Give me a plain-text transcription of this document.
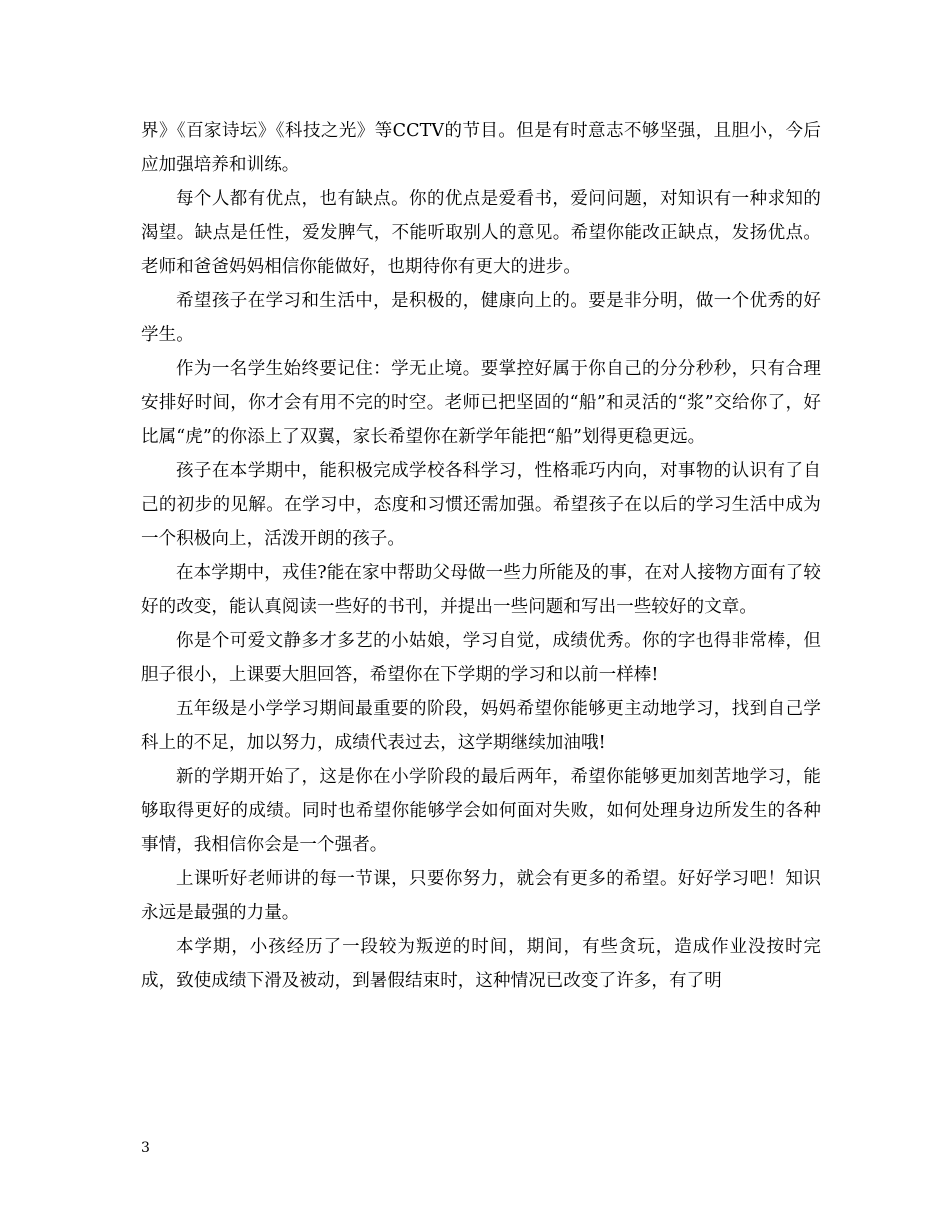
界》《百家诗坛》《科技之光》等CCTV的节目。但是有时意志不够坚强，且胆小，今后应加强培养和训练。

每个人都有优点，也有缺点。你的优点是爱看书，爱问问题，对知识有一种求知的渴望。缺点是任性，爱发脾气，不能听取别人的意见。希望你能改正缺点，发扬优点。老师和爸爸妈妈相信你能做好，也期待你有更大的进步。

希望孩子在学习和生活中，是积极的，健康向上的。要是非分明，做一个优秀的好学生。

作为一名学生始终要记住：学无止境。要掌控好属于你自己的分分秒秒，只有合理安排好时间，你才会有用不完的时空。老师已把坚固的“船”和灵活的“浆”交给你了，好比属“虎”的你添上了双翼，家长希望你在新学年能把“船”划得更稳更远。

孩子在本学期中，能积极完成学校各科学习，性格乖巧内向，对事物的认识有了自己的初步的见解。在学习中，态度和习惯还需加强。希望孩子在以后的学习生活中成为一个积极向上，活泼开朗的孩子。

在本学期中，戎佳?能在家中帮助父母做一些力所能及的事，在对人接物方面有了较好的改变，能认真阅读一些好的书刊，并提出一些问题和写出一些较好的文章。

你是个可爱文静多才多艺的小姑娘，学习自觉，成绩优秀。你的字也得非常棒，但胆子很小，上课要大胆回答，希望你在下学期的学习和以前一样棒!

五年级是小学学习期间最重要的阶段，妈妈希望你能够更主动地学习，找到自己学科上的不足，加以努力，成绩代表过去，这学期继续加油哦!

新的学期开始了，这是你在小学阶段的最后两年，希望你能够更加刻苦地学习，能够取得更好的成绩。同时也希望你能够学会如何面对失败，如何处理身边所发生的各种事情，我相信你会是一个强者。

上课听好老师讲的每一节课，只要你努力，就会有更多的希望。好好学习吧！知识永远是最强的力量。

本学期，小孩经历了一段较为叛逆的时间，期间，有些贪玩，造成作业没按时完成，致使成绩下滑及被动，到暑假结束时，这种情况已改变了许多，有了明

3
